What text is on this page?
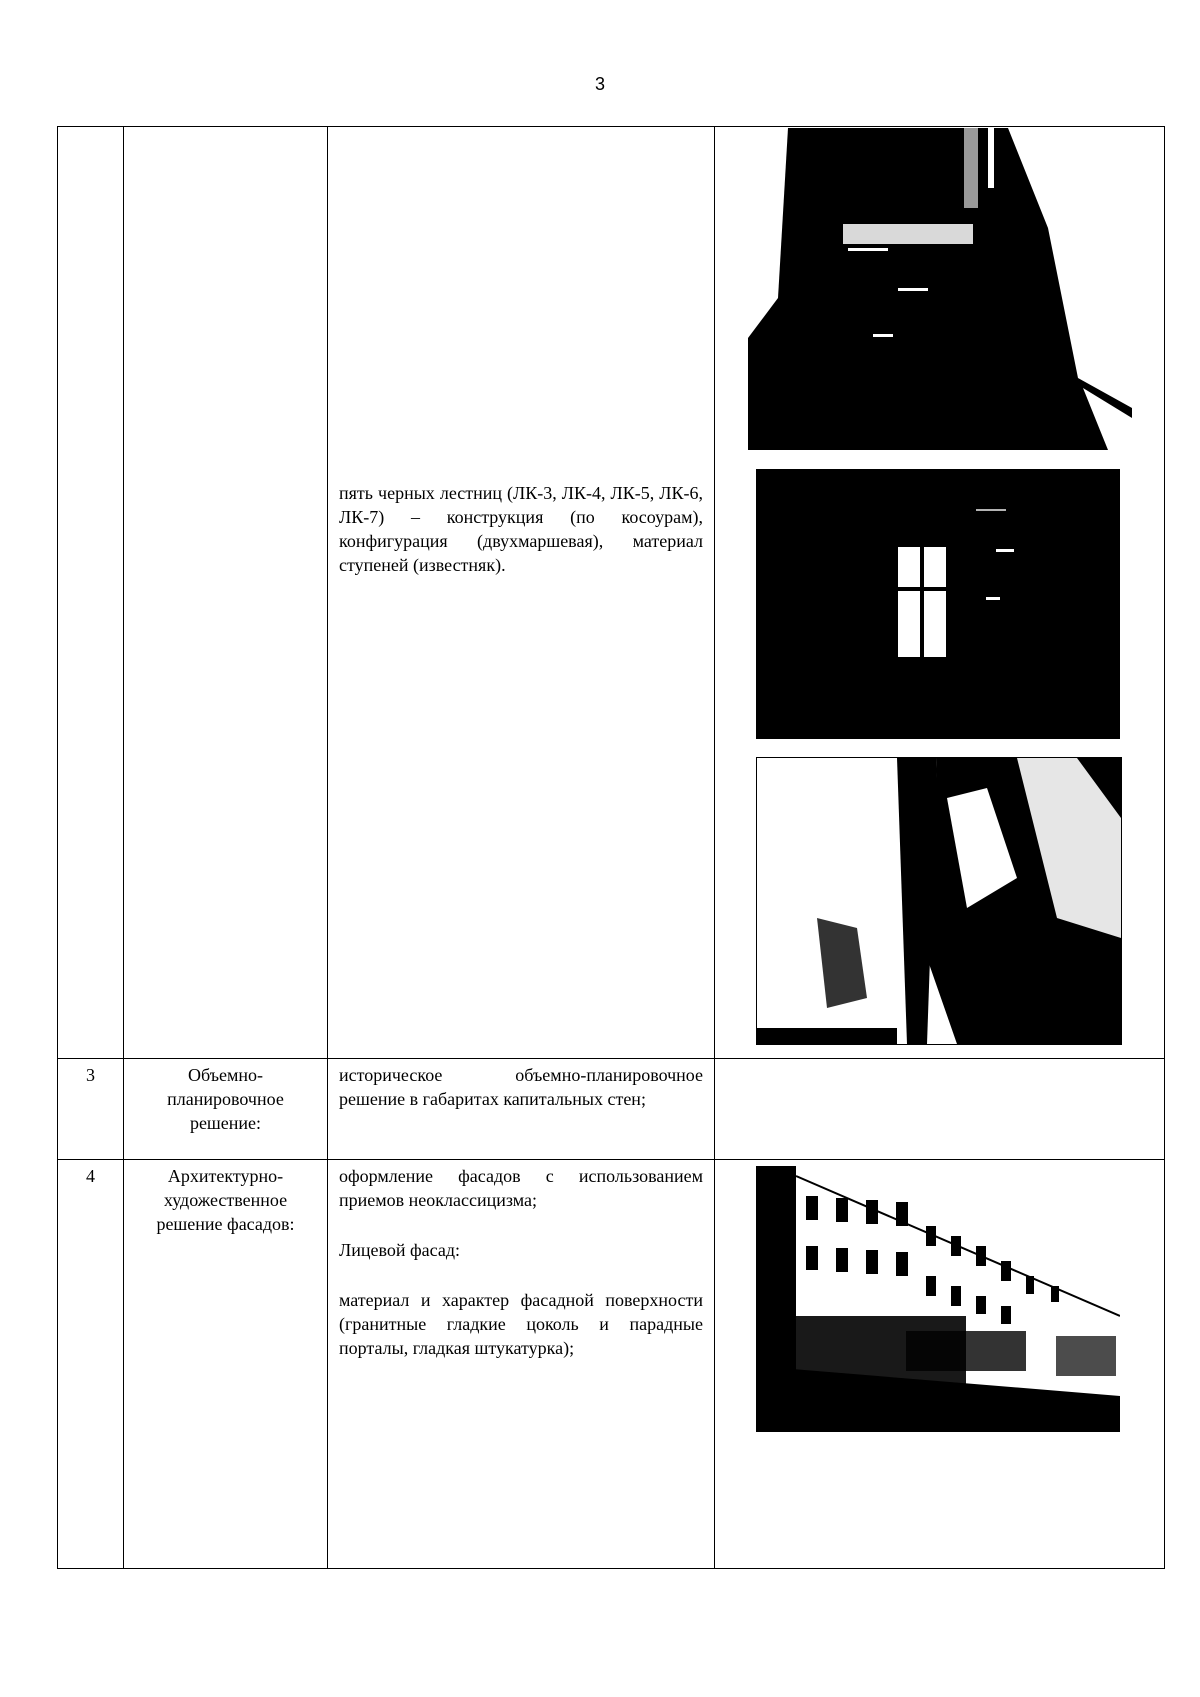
3

		пять черных лестниц (ЛК-3, ЛК-4, ЛК-5, ЛК-6, ЛК-7) – конструкция (по косоурам), конфигурация (двухмаршевая), материал ступеней (известняк).

3	Объемно-планировочное решение:	историческое объемно-планировочное решение в габаритах капитальных стен;	
4	Архитектурно-художественное решение фасадов:	оформление фасадов с использованием приемов неоклассицизма;

Лицевой фасад:

материал и характер фасадной поверхности (гранитные гладкие цоколь и парадные порталы, гладкая штукатурка);
